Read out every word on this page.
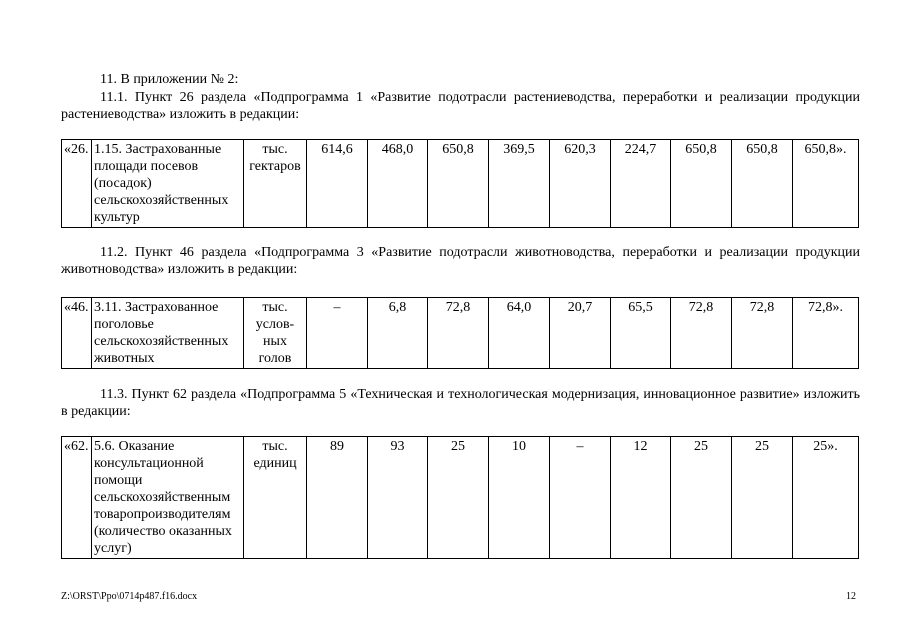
11. В приложении № 2:
11.1. Пункт 26 раздела «Подпрограмма 1 «Развитие подотрасли растениеводства, переработки и реализации продукции растениеводства» изложить в редакции:
«26.	1.15. Застрахованные площади посевов (посадок) сельскохозяйственных культур	тыс. гектаров	614,6	468,0	650,8	369,5	620,3	224,7	650,8	650,8	650,8».
11.2. Пункт 46 раздела «Подпрограмма 3 «Развитие подотрасли животноводства, переработки и реализации продукции животноводства» изложить в редакции:
«46.	3.11. Застрахованное поголовье сельскохозяйственных животных	тыс. услов-ных голов	–	6,8	72,8	64,0	20,7	65,5	72,8	72,8	72,8».
11.3. Пункт 62 раздела «Подпрограмма 5 «Техническая и технологическая модернизация, инновационное развитие» изложить в редакции:
«62.	5.6. Оказание консультационной помощи сельскохозяйственным товаропроизводителям (количество оказанных услуг)	тыс. единиц	89	93	25	10	–	12	25	25	25».
Z:\ORST\Ppo\0714p487.f16.docx	12
